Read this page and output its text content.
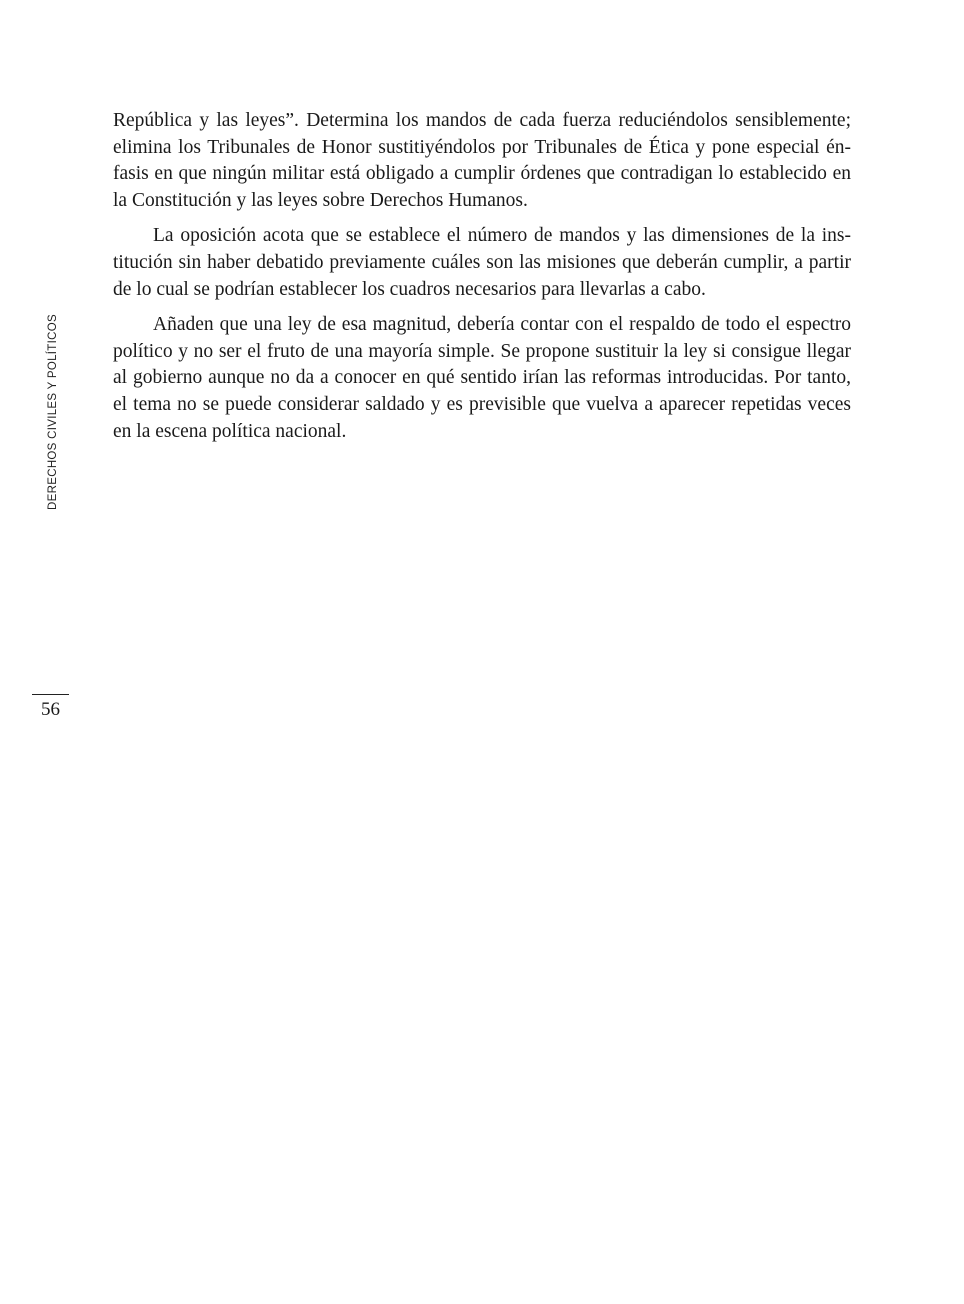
DERECHOS CIVILES Y POLÍTICOS
56

República y las leyes”. Determina los mandos de cada fuerza reduciéndolos sensiblemente; elimina los Tribunales de Honor sustitiyéndolos por Tribunales de Ética y pone especial énfasis en que ningún militar está obligado a cumplir órdenes que contradigan lo establecido en la Constitución y las leyes sobre Derechos Humanos.

La oposición acota que se establece el número de mandos y las dimensiones de la institución sin haber debatido previamente cuáles son las misiones que deberán cumplir, a partir de lo cual se podrían establecer los cuadros necesarios para llevarlas a cabo.

Añaden que una ley de esa magnitud, debería contar con el respaldo de todo el espectro político y no ser el fruto de una mayoría simple. Se propone sustituir la ley si consigue llegar al gobierno aunque no da a conocer en qué sentido irían las reformas introducidas. Por tanto, el tema no se puede considerar saldado y es previsible que vuelva a aparecer repetidas veces en la escena política nacional.
